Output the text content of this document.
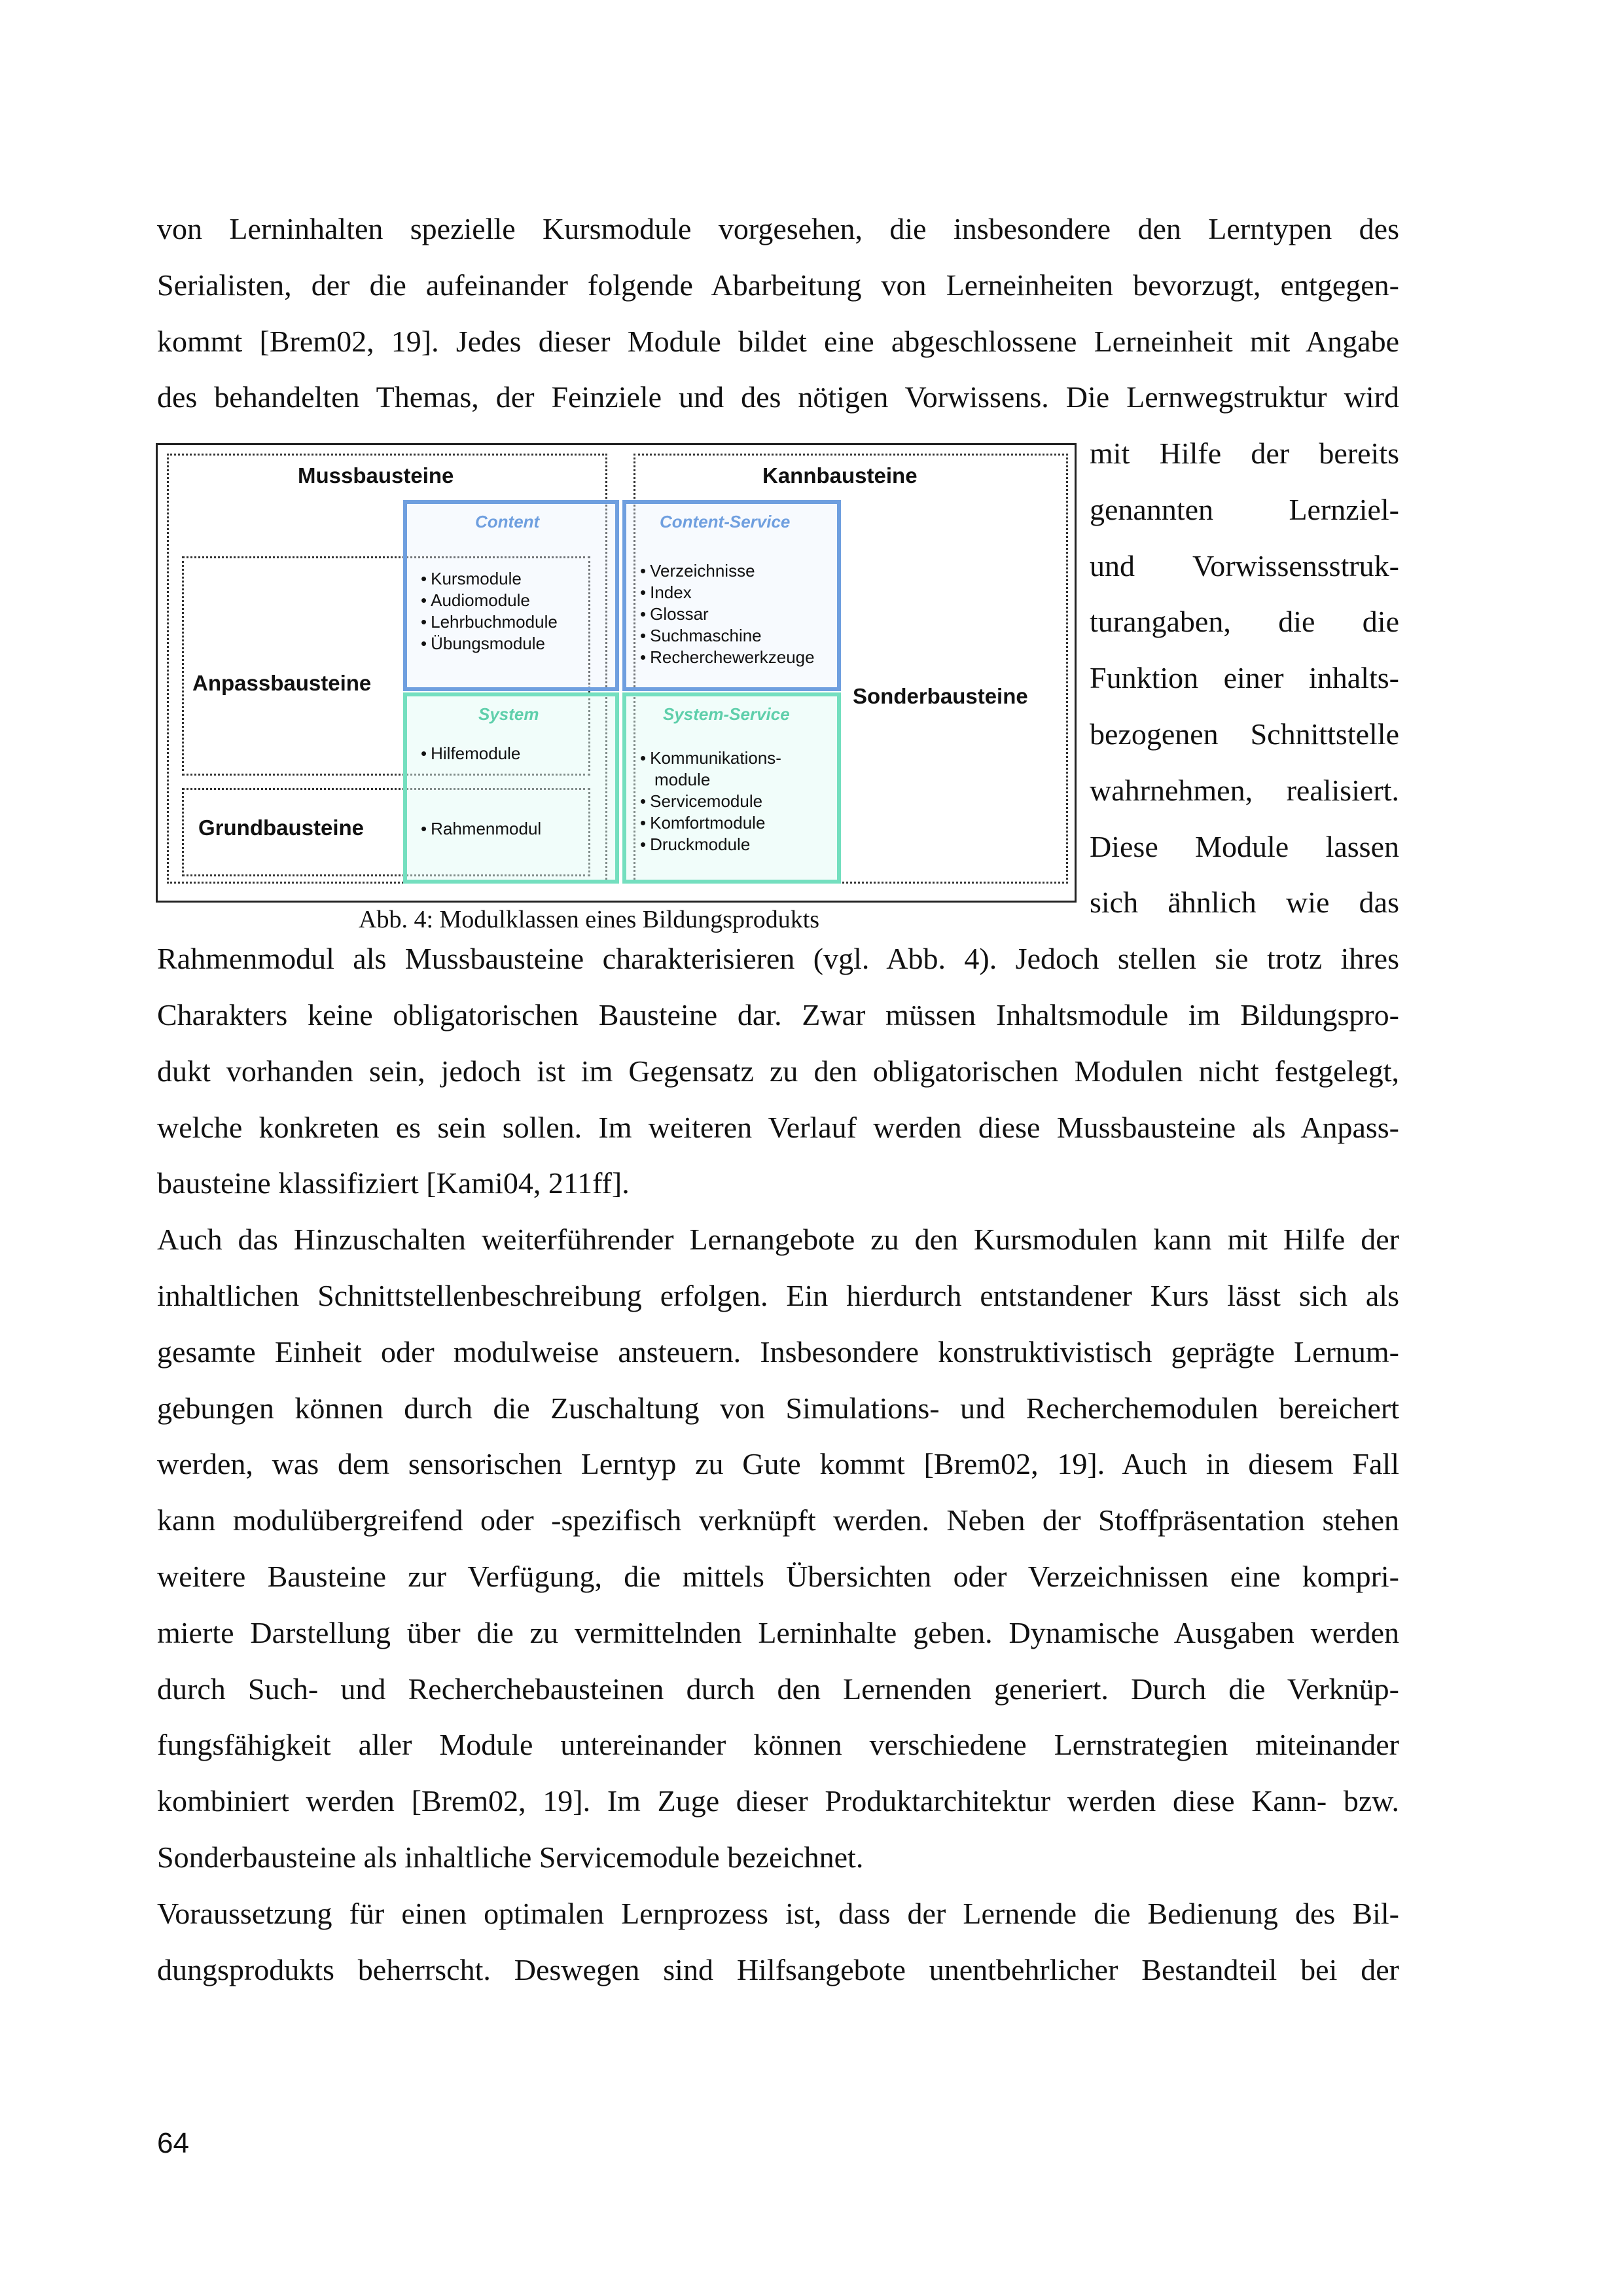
von Lerninhalten spezielle Kursmodule vorgesehen, die insbesondere den Lerntypen des
Serialisten, der die aufeinander folgende Abarbeitung von Lerneinheiten bevorzugt, entgegen-
kommt [Brem02, 19]. Jedes dieser Module bildet eine abgeschlossene Lerneinheit mit Angabe
des behandelten Themas, der Feinziele und des nötigen Vorwissens. Die Lernwegstruktur wird
mit Hilfe der bereits
genannten Lernziel-
und Vorwissensstruk-
turangaben, die die
Funktion einer inhalts-
bezogenen Schnittstelle
wahrnehmen, realisiert.
Diese Module lassen
sich ähnlich wie das
Mussbausteine	Kannbausteine
Anpassbausteine
Grundbausteine
Sonderbausteine
Content	Content-Service
System	System-Service
• Kursmodule
• Audiomodule
• Lehrbuchmodule
• Übungsmodule
• Verzeichnisse
• Index
• Glossar
• Suchmaschine
• Recherchewerkzeuge
• Hilfemodule
• Rahmenmodul
• Kommunikations-
module
• Servicemodule
• Komfortmodule
• Druckmodule
Abb. 4: Modulklassen eines Bildungsprodukts
Rahmenmodul als Mussbausteine charakterisieren (vgl. Abb. 4). Jedoch stellen sie trotz ihres
Charakters keine obligatorischen Bausteine dar. Zwar müssen Inhaltsmodule im Bildungspro-
dukt vorhanden sein, jedoch ist im Gegensatz zu den obligatorischen Modulen nicht festgelegt,
welche konkreten es sein sollen. Im weiteren Verlauf werden diese Mussbausteine als Anpass-
bausteine klassifiziert [Kami04, 211ff].
Auch das Hinzuschalten weiterführender Lernangebote zu den Kursmodulen kann mit Hilfe der
inhaltlichen Schnittstellenbeschreibung erfolgen. Ein hierdurch entstandener Kurs lässt sich als
gesamte Einheit oder modulweise ansteuern. Insbesondere konstruktivistisch geprägte Lernum-
gebungen können durch die Zuschaltung von Simulations- und Recherchemodulen bereichert
werden, was dem sensorischen Lerntyp zu Gute kommt [Brem02, 19]. Auch in diesem Fall
kann modulübergreifend oder -spezifisch verknüpft werden. Neben der Stoffpräsentation stehen
weitere Bausteine zur Verfügung, die mittels Übersichten oder Verzeichnissen eine kompri-
mierte Darstellung über die zu vermittelnden Lerninhalte geben. Dynamische Ausgaben werden
durch Such- und Recherchebausteinen durch den Lernenden generiert. Durch die Verknüp-
fungsfähigkeit aller Module untereinander können verschiedene Lernstrategien miteinander
kombiniert werden [Brem02, 19]. Im Zuge dieser Produktarchitektur werden diese Kann- bzw.
Sonderbausteine als inhaltliche Servicemodule bezeichnet.
Voraussetzung für einen optimalen Lernprozess ist, dass der Lernende die Bedienung des Bil-
dungsprodukts beherrscht. Deswegen sind Hilfsangebote unentbehrlicher Bestandteil bei der
64
